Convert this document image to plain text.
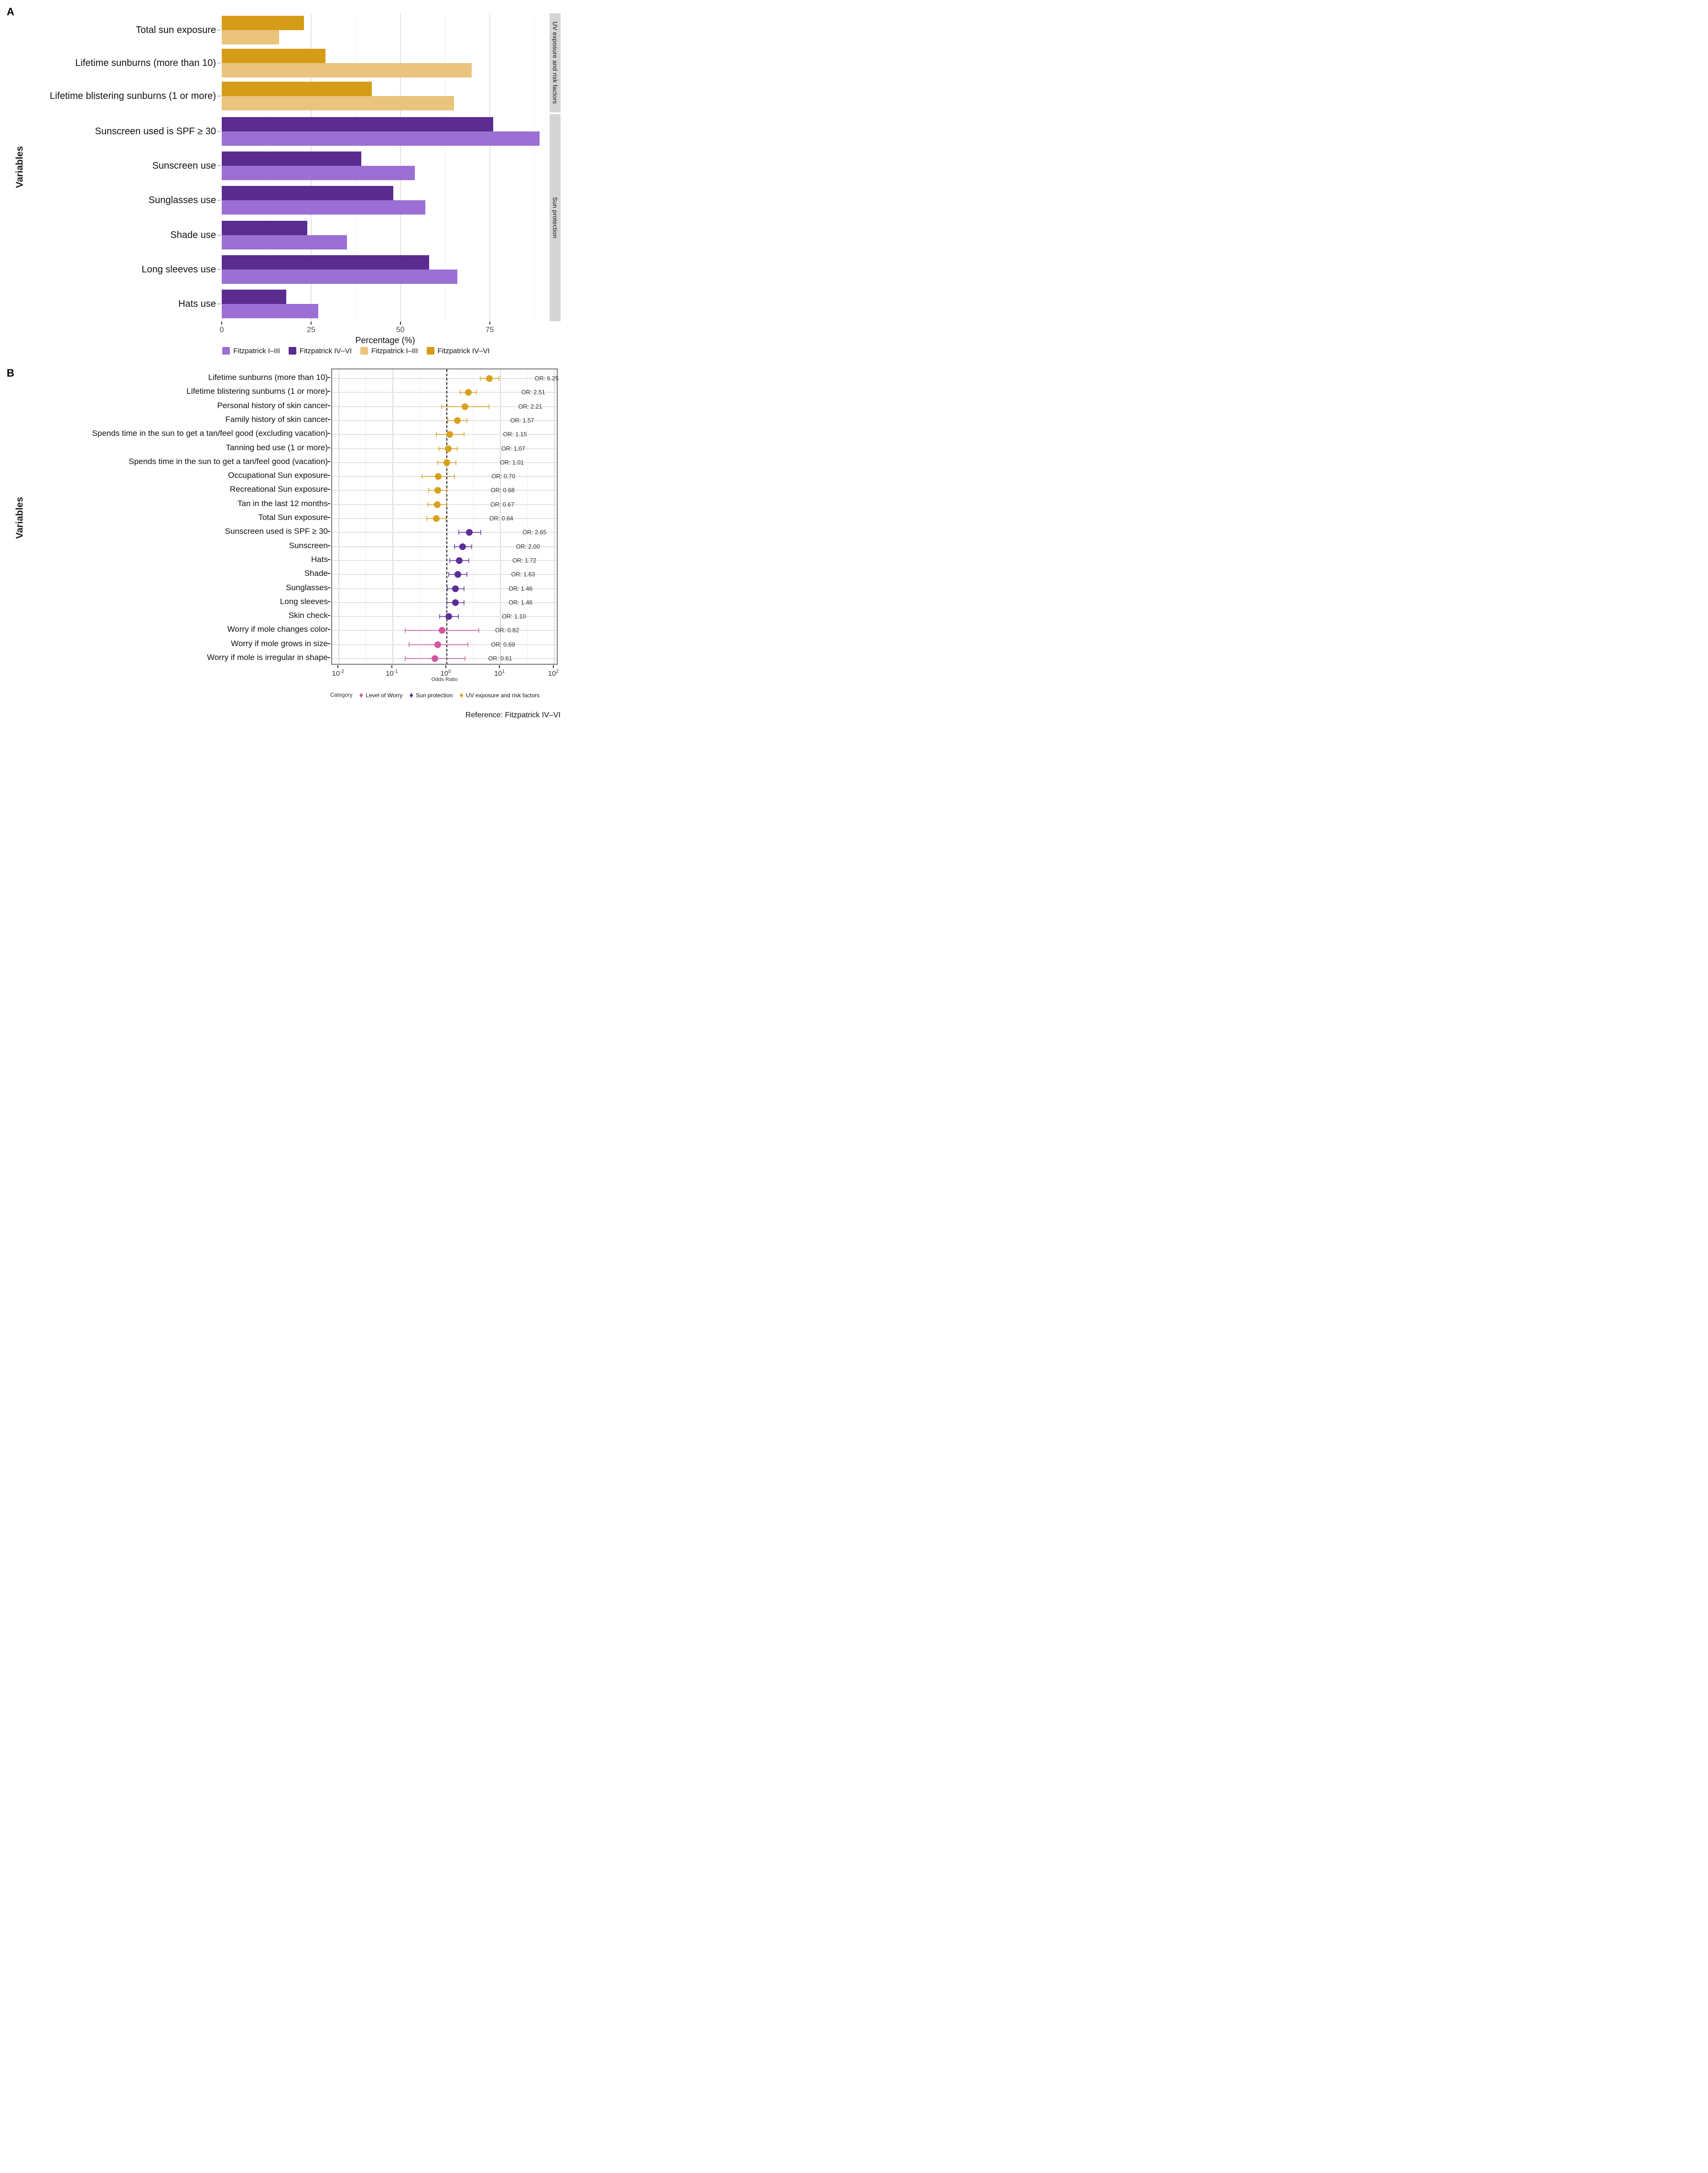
A
Variables
UV exposure and risk factors
Sun protection
Total sun exposure
Lifetime sunburns (more than 10)
Lifetime blistering sunburns (1 or more)
Sunscreen used is SPF ≥ 30
Sunscreen use
Sunglasses use
Shade use
Long sleeves use
Hats use
0	25	50	75
Percentage (%)
Fitzpatrick I–III	Fitzpatrick IV–VI	Fitzpatrick I–III	Fitzpatrick IV–VI
B
Variables
OR: 6.25
OR: 2.51
OR: 2.21
OR: 1.57
OR: 1.15
OR: 1.07
OR: 1.01
OR: 0.70
OR: 0.68
OR: 0.67
OR: 0.64
OR: 2.65
OR: 2.00
OR: 1.72
OR: 1.63
OR: 1.46
OR: 1.46
OR: 1.10
OR: 0.82
OR: 0.69
OR: 0.61
Lifetime sunburns (more than 10)
Lifetime blistering sunburns (1 or more)
Personal history of skin cancer
Family history of skin cancer
Spends time in the sun to get a tan/feel good (excluding vacation)
Tanning bed use (1 or more)
Spends time in the sun to get a tan/feel good (vacation)
Occupational Sun exposure
Recreational Sun exposure
Tan in the last 12 months
Total Sun exposure
Sunscreen used is SPF ≥ 30
Sunscreen
Hats
Shade
Sunglasses
Long sleeves
Skin check
Worry if mole changes color
Worry if mole grows in size
Worry if mole is irregular in shape
$10^{-2}$	$10^{-1}$	$10^0$	$10^1$	$10^2$
Odds Ratio
Category ♦ Level of Worry ♦ Sun protection ♦ UV exposure and risk factors
Reference: Fitzpatrick IV–VI
